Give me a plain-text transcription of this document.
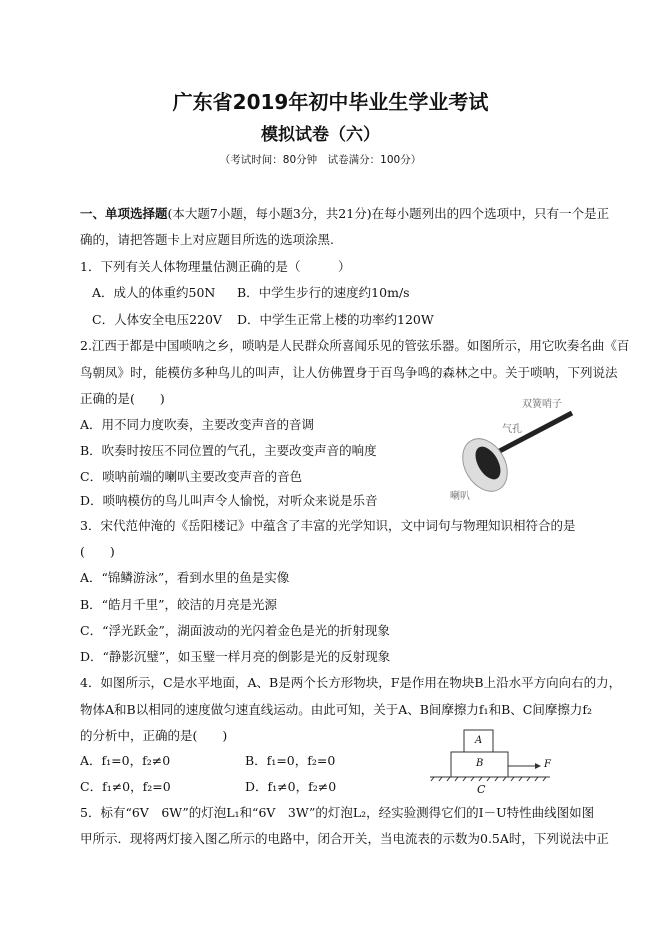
广东省2019年初中毕业生学业考试
模拟试卷（六）
（考试时间：80分钟　试卷满分：100分）
一、单项选择题(本大题7小题，每小题3分，共21分)在每小题列出的四个选项中，只有一个是正
确的，请把答题卡上对应题目所选的选项涂黑.
1．下列有关人体物理量估测正确的是（　　　）
A．成人的体重约50N B．中学生步行的速度约10m/s
C．人体安全电压220V D．中学生正常上楼的功率约120W
2.江西于都是中国唢呐之乡，唢呐是人民群众所喜闻乐见的管弦乐器。如图所示，用它吹奏名曲《百
鸟朝凤》时，能模仿多种鸟儿的叫声，让人仿佛置身于百鸟争鸣的森林之中。关于唢呐，下列说法
正确的是(　　)
A．用不同力度吹奏，主要改变声音的音调
B．吹奏时按压不同位置的气孔，主要改变声音的响度
C．唢呐前端的喇叭主要改变声音的音色
D．唢呐模仿的鸟儿叫声令人愉悦，对听众来说是乐音
双簧哨子
气孔
喇叭
3．宋代范仲淹的《岳阳楼记》中蕴含了丰富的光学知识，文中词句与物理知识相符合的是
(　　)
A．“锦鳞游泳”，看到水里的鱼是实像
B．“皓月千里”，皎洁的月亮是光源
C．“浮光跃金”，湖面波动的光闪着金色是光的折射现象
D．“静影沉璧”，如玉璧一样月亮的倒影是光的反射现象
4．如图所示，C是水平地面，A、B是两个长方形物块，F是作用在物块B上沿水平方向向右的力，
物体A和B以相同的速度做匀速直线运动。由此可知，关于A、B间摩擦力f₁和B、C间摩擦力f₂
的分析中，正确的是(　　)
A．f₁=0，f₂≠0	B．f₁=0，f₂=0
C．f₁≠0，f₂=0	D．f₁≠0，f₂≠0
A
B
C
F
5．标有“6V　6W”的灯泡L₁和“6V　3W”的灯泡L₂，经实验测得它们的I－U特性曲线图如图
甲所示．现将两灯接入图乙所示的电路中，闭合开关，当电流表的示数为0.5A时，下列说法中正
